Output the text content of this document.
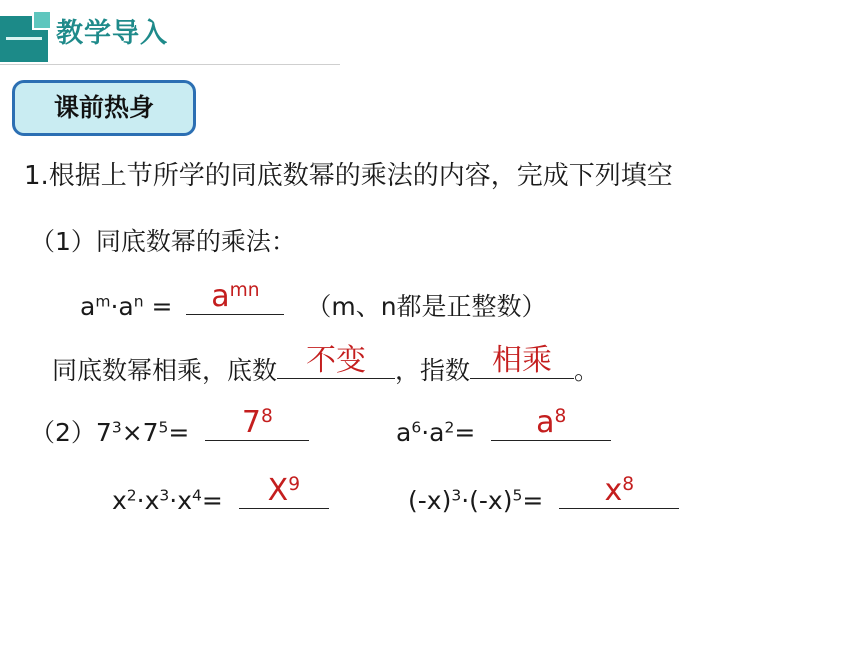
教学导入
课前热身
1.根据上节所学的同底数幂的乘法的内容，完成下列填空
（1）同底数幂的乘法：
$a^m\cdot a^n$ =	$a^{mn}$
（m、n都是正整数）
同底数幂相乘，底数 不变	，指数 相乘 。
$(2)7^3\times 7^5=$	$7^8$
$a^6\cdot a^2=$	$a^8$
$x^2\cdot x^3\cdot x^4=$	$X^9$
$(-x)^3\cdot(-x)^5=$	$x^8$
